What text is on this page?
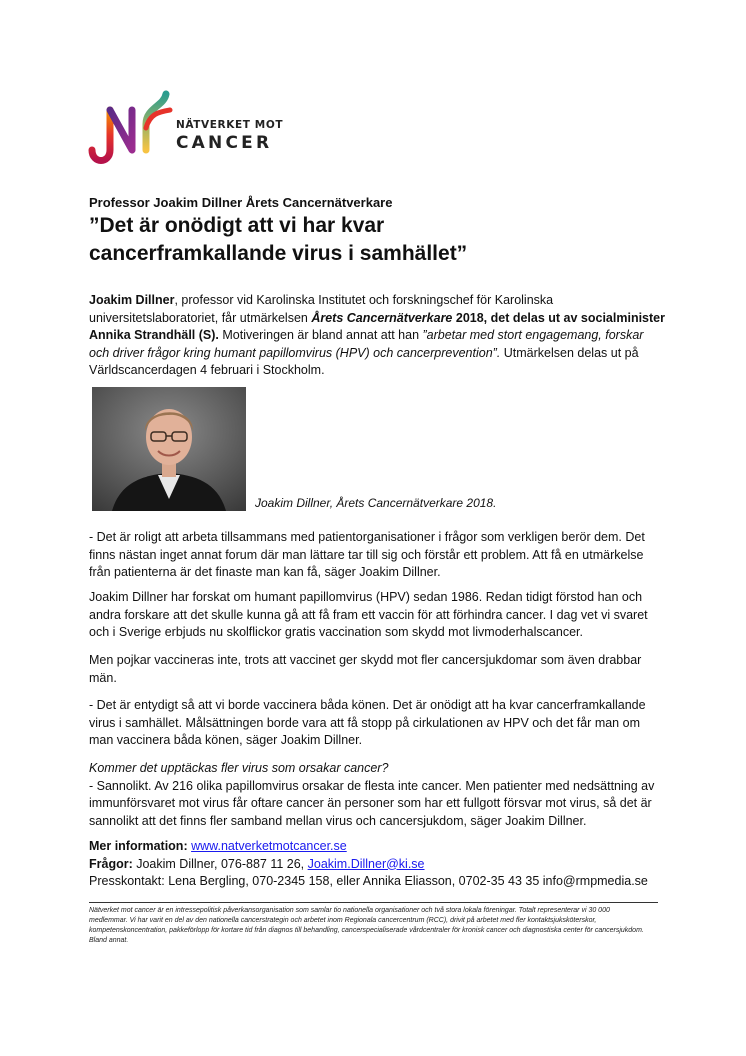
NÄTVERKET MOT
CANCER
Professor Joakim Dillner Årets Cancernätverkare
”Det är onödigt att vi har kvar
cancerframkallande virus i samhället”

Joakim Dillner, professor vid Karolinska Institutet och forskningschef för Karolinska universitetslaboratoriet, får utmärkelsen Årets Cancernätverkare 2018, det delas ut av socialminister Annika Strandhäll (S). Motiveringen är bland annat att han ”arbetar med stort engagemang, forskar och driver frågor kring humant papillomvirus (HPV) och cancerprevention”. Utmärkelsen delas ut på Världscancerdagen 4 februari i Stockholm.

Joakim Dillner, Årets Cancernätverkare 2018.

- Det är roligt att arbeta tillsammans med patientorganisationer i frågor som verkligen berör dem. Det finns nästan inget annat forum där man lättare tar till sig och förstår ett problem. Att få en utmärkelse från patienterna är det finaste man kan få, säger Joakim Dillner.

Joakim Dillner har forskat om humant papillomvirus (HPV) sedan 1986. Redan tidigt förstod han och andra forskare att det skulle kunna gå att få fram ett vaccin för att förhindra cancer. I dag vet vi svaret och i Sverige erbjuds nu skolflickor gratis vaccination som skydd mot livmoderhalscancer.

Men pojkar vaccineras inte, trots att vaccinet ger skydd mot fler cancersjukdomar som även drabbar män.

- Det är entydigt så att vi borde vaccinera båda könen. Det är onödigt att ha kvar cancerframkallande virus i samhället. Målsättningen borde vara att få stopp på cirkulationen av HPV och det får man om man vaccinera båda könen, säger Joakim Dillner.

Kommer det upptäckas fler virus som orsakar cancer?
- Sannolikt. Av 216 olika papillomvirus orsakar de flesta inte cancer. Men patienter med nedsättning av immunförsvaret mot virus får oftare cancer än personer som har ett fullgott försvar mot virus, så det är sannolikt att det finns fler samband mellan virus och cancersjukdom, säger Joakim Dillner.

Mer information: www.natverketmotcancer.se
Frågor: Joakim Dillner, 076-887 11 26, Joakim.Dillner@ki.se
Presskontakt: Lena Bergling, 070-2345 158, eller Annika Eliasson, 0702-35 43 35 info@rmpmedia.se

Nätverket mot cancer är en intressepolitisk påverkansorganisation som samlar tio nationella organisationer och två stora lokala föreningar. Totalt representerar vi 30 000 medlemmar. Vi har varit en del av den nationella cancerstrategin och arbetet inom Regionala cancercentrum (RCC), drivit på arbetet med fler kontaktsjuksköterskor, kompetenskoncentration, pakkeförlopp för kortare tid från diagnos till behandling, cancerspecialiserade vårdcentraler för kronisk cancer och diagnostiska center för cancersjukdom. Bland annat.
